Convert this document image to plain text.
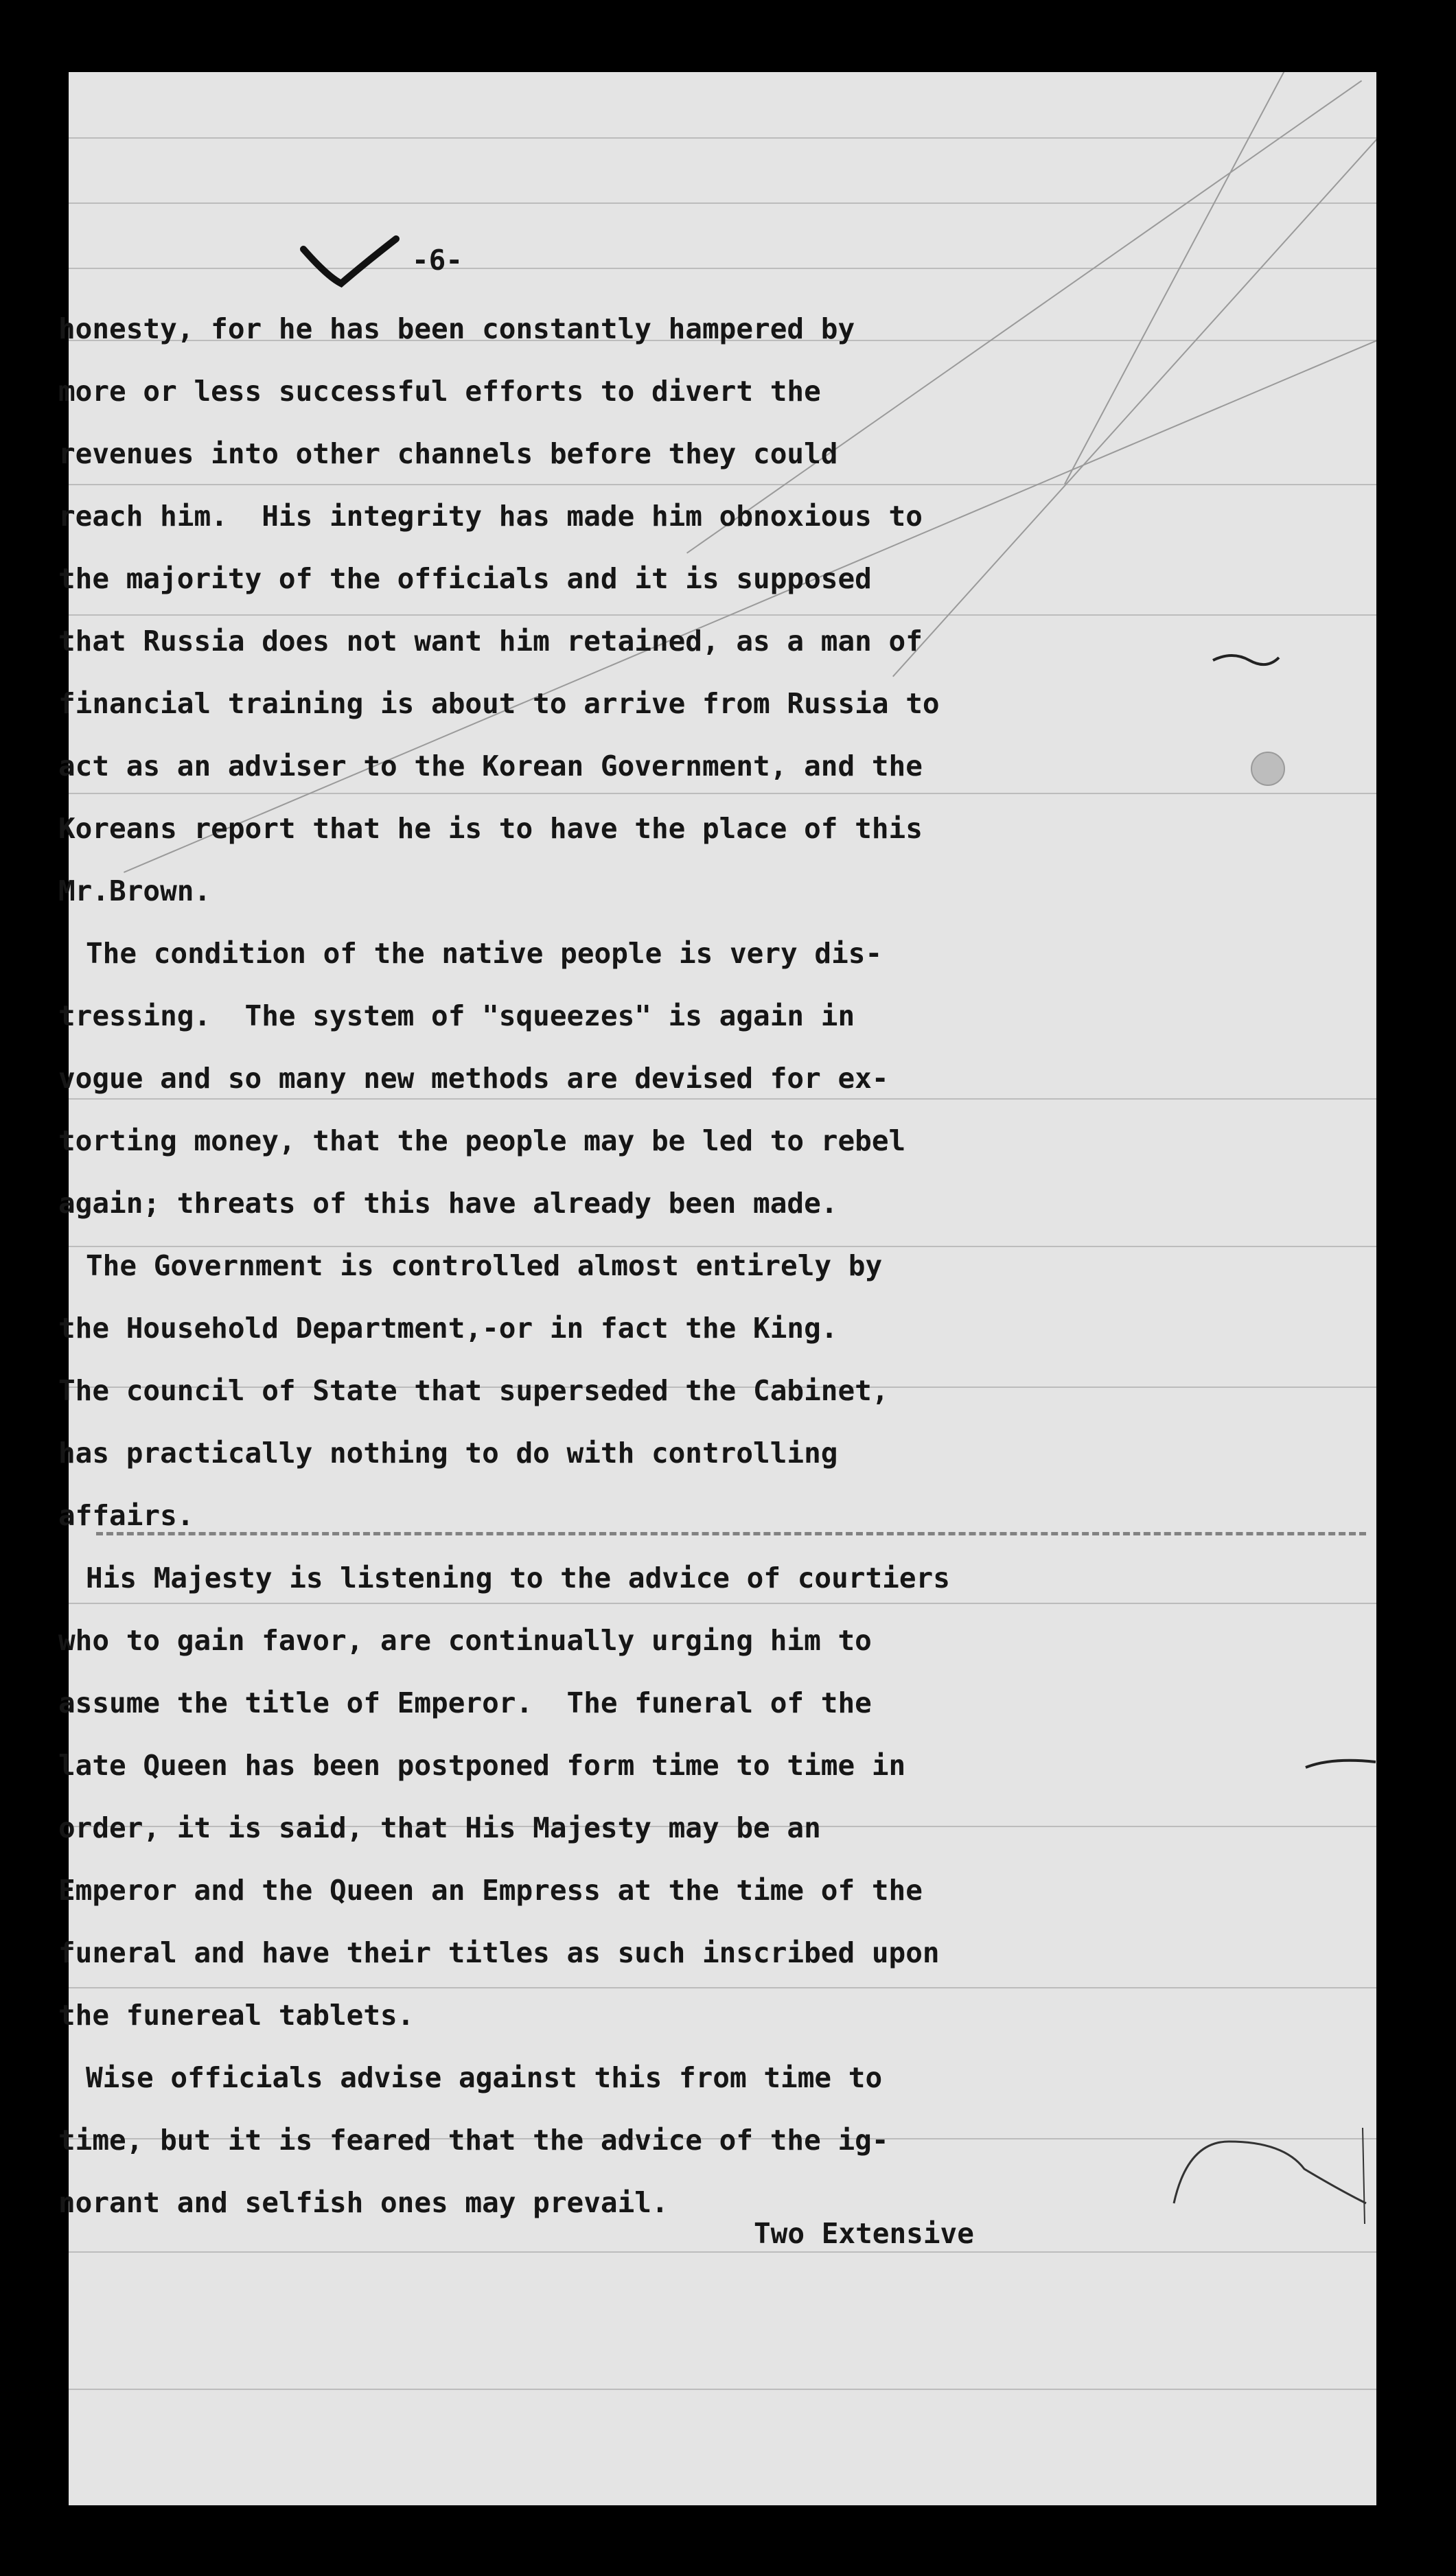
-6-
honesty, for he has been constantly hampered by
more or less successful efforts to divert the
revenues into other channels before they could
reach him.  His integrity has made him obnoxious to
the majority of the officials and it is supposed
that Russia does not want him retained, as a man of
financial training is about to arrive from Russia to
act as an adviser to the Korean Government, and the
Koreans report that he is to have the place of this
Mr.Brown.
The condition of the native people is very dis-
tressing.  The system of "squeezes" is again in
vogue and so many new methods are devised for ex-
torting money, that the people may be led to rebel
again; threats of this have already been made.
The Government is controlled almost entirely by
the Household Department,-or in fact the King.
The council of State that superseded the Cabinet,
has practically nothing to do with controlling
affairs.
His Majesty is listening to the advice of courtiers
who to gain favor, are continually urging him to
assume the title of Emperor.  The funeral of the
late Queen has been postponed form time to time in
order, it is said, that His Majesty may be an
Emperor and the Queen an Empress at the time of the
funeral and have their titles as such inscribed upon
the funereal tablets.
Wise officials advise against this from time to
time, but it is feared that the advice of the ig-
norant and selfish ones may prevail.
Two Extensive
